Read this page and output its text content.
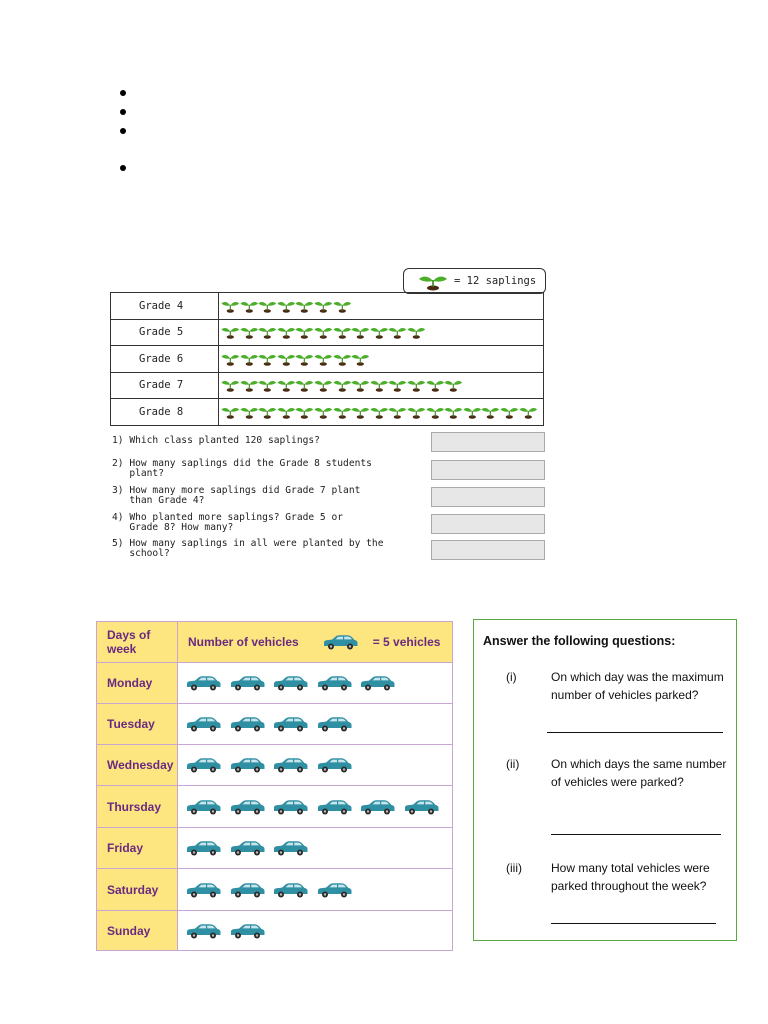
= 12 saplings
Grade 4
Grade 5
Grade 6
Grade 7
Grade 8
1) Which class planted 120 saplings?
2) How many saplings did the Grade 8 students
plant?
3) How many more saplings did Grade 7 plant
than Grade 4?
4) Who planted more saplings? Grade 5 or
Grade 8? How many?
5) How many saplings in all were planted by the
school?
Days of week	Number of vehicles	= 5 vehicles
Monday
Tuesday
Wednesday
Thursday
Friday
Saturday
Sunday
Answer the following questions:
(i)	On which day was the maximum number of vehicles parked?
(ii)	On which days the same number of vehicles were parked?
(iii) How many total vehicles were parked throughout the week?
